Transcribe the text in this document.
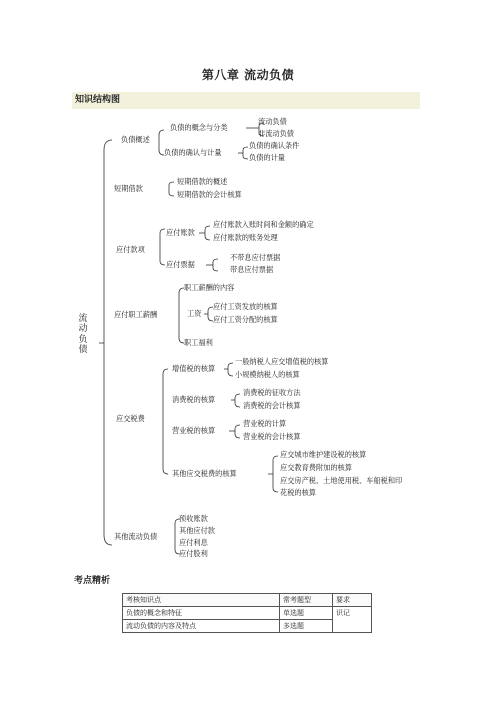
第八章 流动负债
知识结构图
流
动
负
债
负债概述
短期借款
应付款项
应付职工薪酬
应交税费
其他流动负债
负债的概念与分类
负债的确认与计量
短期借款的概述
短期借款的会计核算
应付账款
应付票据
职工薪酬的内容
工资
职工福利
增值税的核算
消费税的核算
营业税的核算
其他应交税费的核算
预收账款
其他应付款
应付利息
应付股利
流动负债
非流动负债
负债的确认条件
负债的计量
应付账款入账时间和金额的确定
应付账款的账务处理
不带息应付票据
带息应付票据
应付工资发放的核算
应付工资分配的核算
一般纳税人应交增值税的核算
小规模纳税人的核算
消费税的征收方法
消费税的会计核算
营业税的计算
营业税的会计核算
应交城市维护建设税的核算
应交教育费附加的核算
应交房产税、土地使用税、车船税和印
花税的核算
考点精析
考核知识点	常考题型	要求
负债的概念和特征	单选题	识记
流动负债的内容及特点	多选题	
